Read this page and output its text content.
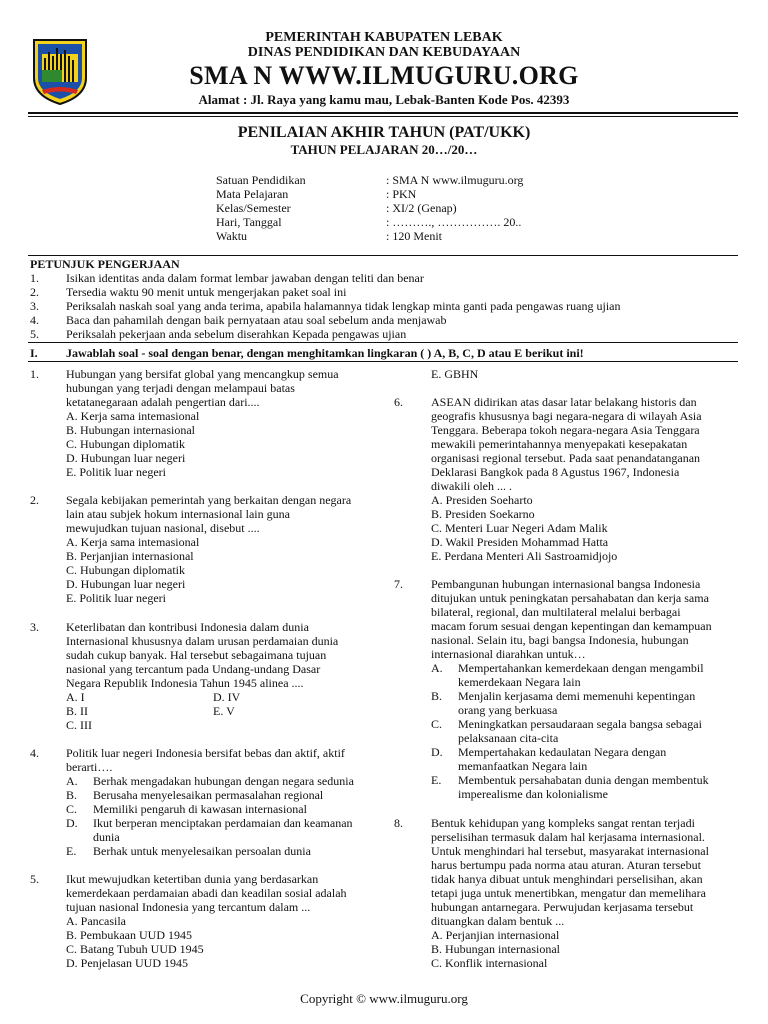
PEMERINTAH KABUPATEN LEBAK
DINAS PENDIDIKAN DAN KEBUDAYAAN
SMA N WWW.ILMUGURU.ORG
Alamat : Jl. Raya yang kamu mau, Lebak-Banten Kode Pos. 42393
PENILAIAN AKHIR TAHUN (PAT/UKK)
TAHUN PELAJARAN 20…/20…
Satuan Pendidikan	: SMA N www.ilmuguru.org
Mata Pelajaran	: PKN
Kelas/Semester	: XI/2 (Genap)
Hari, Tanggal	: ………., ……………. 20..
Waktu	: 120 Menit
PETUNJUK PENGERJAAN
1. Isikan identitas anda dalam format lembar jawaban dengan teliti dan benar
2. Tersedia waktu 90 menit untuk mengerjakan paket soal ini
3. Periksalah naskah soal yang anda terima, apabila halamannya tidak lengkap minta ganti pada pengawas ruang ujian
4. Baca dan pahamilah dengan baik pernyataan atau soal sebelum anda menjawab
5. Periksalah pekerjaan anda sebelum diserahkan Kepada pengawas ujian
I. Jawablah soal - soal dengan benar, dengan menghitamkan lingkaran ( ) A, B, C, D atau E berikut ini!
1. Hubungan yang bersifat global yang mencangkup semua
hubungan yang terjadi dengan melampaui batas
ketatanegaraan adalah pengertian dari....
A. Kerja sama intemasional
B. Hubungan internasional
C. Hubungan diplomatik
D. Hubungan luar negeri
E. Politik luar negeri
2. Segala kebijakan pemerintah yang berkaitan dengan negara
lain atau subjek hokum internasional lain guna
mewujudkan tujuan nasional, disebut ....
A. Kerja sama intemasional
B. Perjanjian internasional
C. Hubungan diplomatik
D. Hubungan luar negeri
E. Politik luar negeri
3. Keterlibatan dan kontribusi Indonesia dalam dunia
Internasional khususnya dalam urusan perdamaian dunia
sudah cukup banyak. Hal tersebut sebagaimana tujuan
nasional yang tercantum pada Undang-undang Dasar
Negara Republik Indonesia Tahun 1945 alinea ....
A. I	D. IV
B. II	E. V
C. III
4. Politik luar negeri Indonesia bersifat bebas dan aktif, aktif
berarti….
A. Berhak mengadakan hubungan dengan negara sedunia
B. Berusaha menyelesaikan permasalahan regional
C. Memiliki pengaruh di kawasan internasional
D. Ikut berperan menciptakan perdamaian dan keamanan
dunia
E. Berhak untuk menyelesaikan persoalan dunia
5. Ikut mewujudkan ketertiban dunia yang berdasarkan
kemerdekaan perdamaian abadi dan keadilan sosial adalah
tujuan nasional Indonesia yang tercantum dalam ...
A. Pancasila
B. Pembukaan UUD 1945
C. Batang Tubuh UUD 1945
D. Penjelasan UUD 1945
E. GBHN
6. ASEAN didirikan atas dasar latar belakang historis dan
geografis khususnya bagi negara-negara di wilayah Asia
Tenggara. Beberapa tokoh negara-negara Asia Tenggara
mewakili pemerintahannya menyepakati kesepakatan
organisasi regional tersebut. Pada saat penandatanganan
Deklarasi Bangkok pada 8 Agustus 1967, Indonesia
diwakili oleh ... .
A. Presiden Soeharto
B. Presiden Soekarno
C. Menteri Luar Negeri Adam Malik
D. Wakil Presiden Mohammad Hatta
E. Perdana Menteri Ali Sastroamidjojo
7. Pembangunan hubungan internasional bangsa Indonesia
ditujukan untuk peningkatan persahabatan dan kerja sama
bilateral, regional, dan multilateral melalui berbagai
macam forum sesuai dengan kepentingan dan kemampuan
nasional. Selain itu, bagi bangsa Indonesia, hubungan
internasional diarahkan untuk…
A. Mempertahankan kemerdekaan dengan mengambil
kemerdekaan Negara lain
B. Menjalin kerjasama demi memenuhi kepentingan
orang yang berkuasa
C. Meningkatkan persaudaraan segala bangsa sebagai
pelaksanaan cita-cita
D. Mempertahakan kedaulatan Negara dengan
memanfaatkan Negara lain
E. Membentuk persahabatan dunia dengan membentuk
imperealisme dan kolonialisme
8. Bentuk kehidupan yang kompleks sangat rentan terjadi
perselisihan termasuk dalam hal kerjasama internasional.
Untuk menghindari hal tersebut, masyarakat internasional
harus bertumpu pada norma atau aturan. Aturan tersebut
tidak hanya dibuat untuk menghindari perselisihan, akan
tetapi juga untuk menertibkan, mengatur dan memelihara
hubungan antarnegara. Perwujudan kerjasama tersebut
dituangkan dalam bentuk ...
A. Perjanjian internasional
B. Hubungan internasional
C. Konflik internasional
Copyright © www.ilmuguru.org
